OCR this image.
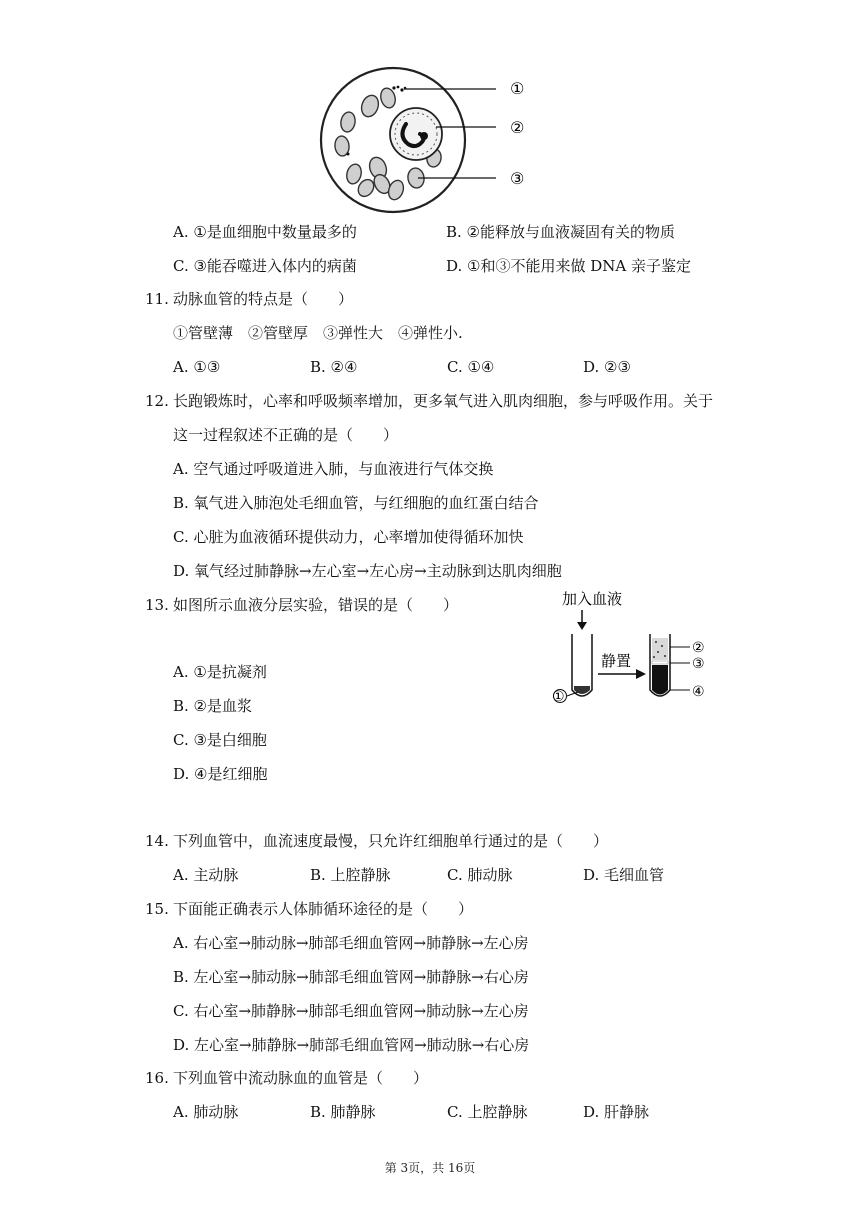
①
②
③
A. ①是血细胞中数量最多的	B. ②能释放与血液凝固有关的物质
C. ③能吞噬进入体内的病菌	D. ①和③不能用来做 DNA 亲子鉴定
11. 动脉血管的特点是（　　）
①管壁薄　②管壁厚　③弹性大　④弹性小.
A. ①③	B. ②④	C. ①④	D. ②③
12. 长跑锻炼时，心率和呼吸频率增加，更多氧气进入肌肉细胞，参与呼吸作用。关于
这一过程叙述不正确的是（　　）
A. 空气通过呼吸道进入肺，与血液进行气体交换
B. 氧气进入肺泡处毛细血管，与红细胞的血红蛋白结合
C. 心脏为血液循环提供动力，心率增加使得循环加快
D. 氧气经过肺静脉→左心室→左心房→主动脉到达肌肉细胞
13. 如图所示血液分层实验，错误的是（　　）	加入血液
①
静置
②
③
④
A. ①是抗凝剂
B. ②是血浆
C. ③是白细胞
D. ④是红细胞
14. 下列血管中，血流速度最慢，只允许红细胞单行通过的是（　　）
A. 主动脉	B. 上腔静脉	C. 肺动脉	D. 毛细血管
15. 下面能正确表示人体肺循环途径的是（　　）
A. 右心室→肺动脉→肺部毛细血管网→肺静脉→左心房
B. 左心室→肺动脉→肺部毛细血管网→肺静脉→右心房
C. 右心室→肺静脉→肺部毛细血管网→肺动脉→左心房
D. 左心室→肺静脉→肺部毛细血管网→肺动脉→右心房
16. 下列血管中流动脉血的血管是（　　）
A. 肺动脉	B. 肺静脉	C. 上腔静脉	D. 肝静脉
第 3页，共 16页
